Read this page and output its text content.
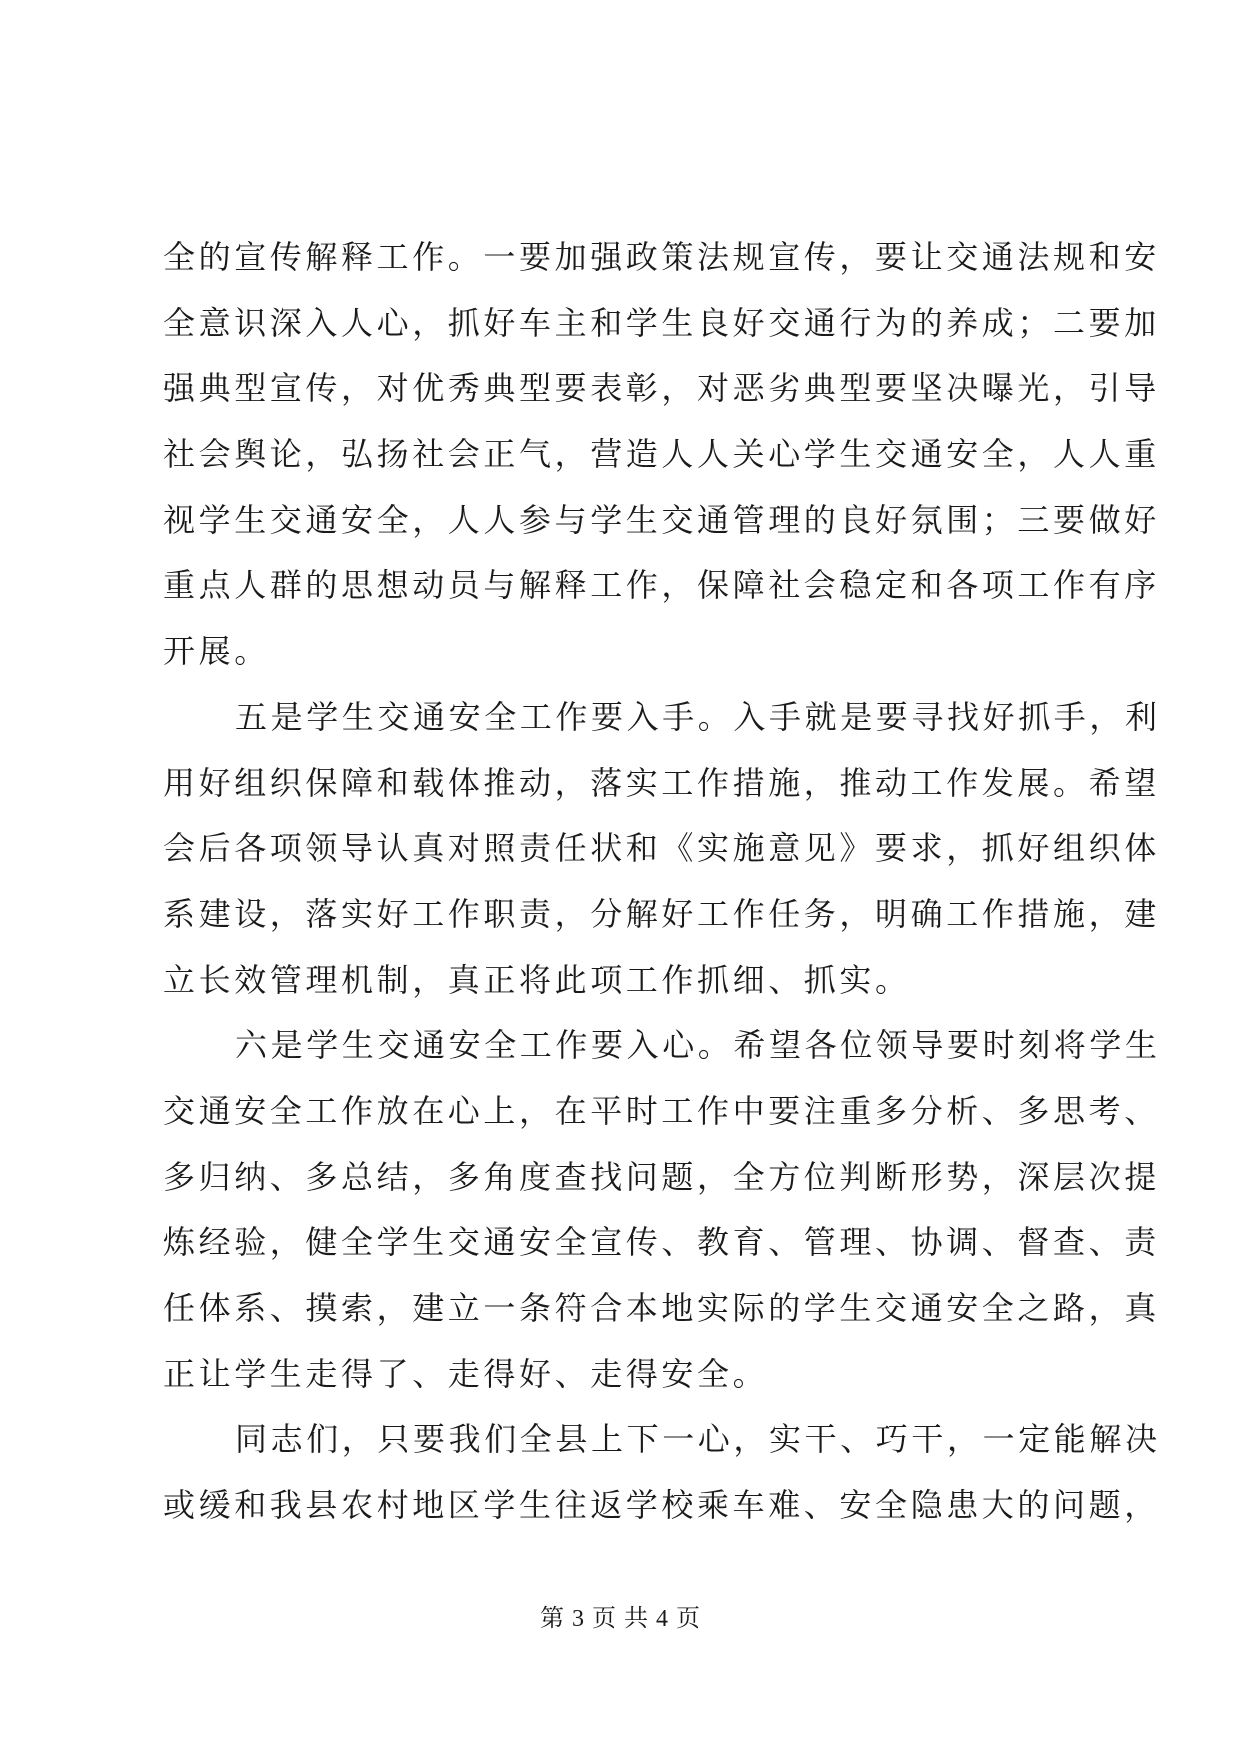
全的宣传解释工作。一要加强政策法规宣传，要让交通法规和安
全意识深入人心，抓好车主和学生良好交通行为的养成；二要加
强典型宣传，对优秀典型要表彰，对恶劣典型要坚决曝光，引导
社会舆论，弘扬社会正气，营造人人关心学生交通安全，人人重
视学生交通安全，人人参与学生交通管理的良好氛围；三要做好
重点人群的思想动员与解释工作，保障社会稳定和各项工作有序
开展。
五是学生交通安全工作要入手。入手就是要寻找好抓手，利
用好组织保障和载体推动，落实工作措施，推动工作发展。希望
会后各项领导认真对照责任状和《实施意见》要求，抓好组织体
系建设，落实好工作职责，分解好工作任务，明确工作措施，建
立长效管理机制，真正将此项工作抓细、抓实。
六是学生交通安全工作要入心。希望各位领导要时刻将学生
交通安全工作放在心上，在平时工作中要注重多分析、多思考、
多归纳、多总结，多角度查找问题，全方位判断形势，深层次提
炼经验，健全学生交通安全宣传、教育、管理、协调、督查、责
任体系、摸索，建立一条符合本地实际的学生交通安全之路，真
正让学生走得了、走得好、走得安全。
同志们，只要我们全县上下一心，实干、巧干，一定能解决
或缓和我县农村地区学生往返学校乘车难、安全隐患大的问题，
第 3 页 共 4 页
